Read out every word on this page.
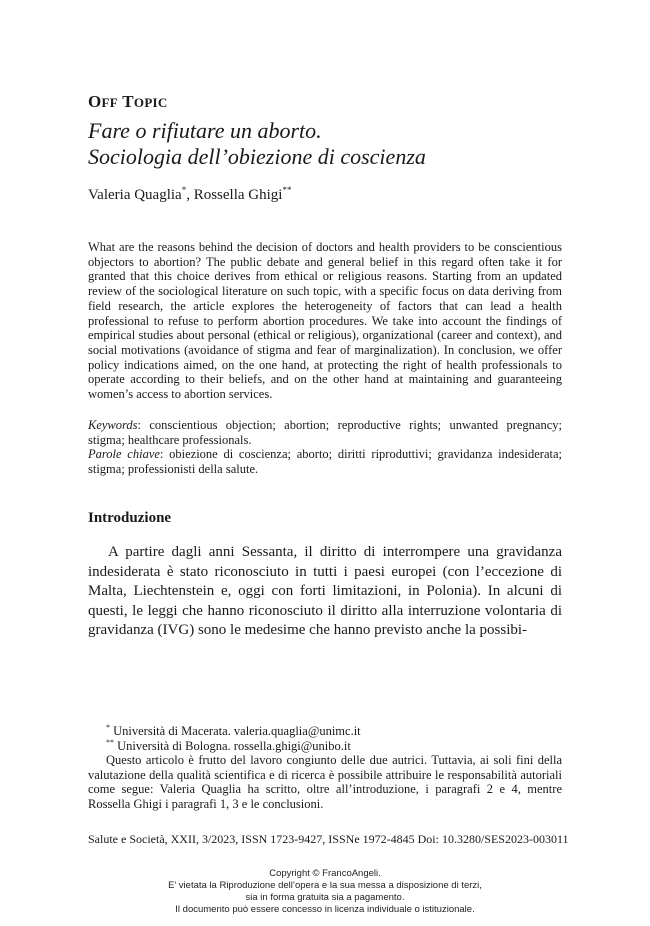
OFF TOPIC
Fare o rifiutare un aborto.
Sociologia dell’obiezione di coscienza
Valeria Quaglia*, Rossella Ghigi**
What are the reasons behind the decision of doctors and health providers to be conscientious objectors to abortion? The public debate and general belief in this regard often take it for granted that this choice derives from ethical or religious reasons. Starting from an updated review of the sociological literature on such topic, with a specific focus on data deriving from field research, the article explores the heterogeneity of factors that can lead a health professional to refuse to perform abortion procedures. We take into account the findings of empirical studies about personal (ethical or religious), organizational (career and context), and social motivations (avoidance of stigma and fear of marginalization). In conclusion, we offer policy indications aimed, on the one hand, at protecting the right of health professionals to operate according to their beliefs, and on the other hand at maintaining and guaranteeing women’s access to abortion services.

Keywords: conscientious objection; abortion; reproductive rights; unwanted pregnancy; stigma; healthcare professionals.

Parole chiave: obiezione di coscienza; aborto; diritti riproduttivi; gravidanza indesiderata; stigma; professionisti della salute.

Introduzione

A partire dagli anni Sessanta, il diritto di interrompere una gravidanza indesiderata è stato riconosciuto in tutti i paesi europei (con l’eccezione di Malta, Liechtenstein e, oggi con forti limitazioni, in Polonia). In alcuni di questi, le leggi che hanno riconosciuto il diritto alla interruzione volontaria di gravidanza (IVG) sono le medesime che hanno previsto anche la possibi-

* Università di Macerata. valeria.quaglia@unimc.it

** Università di Bologna. rossella.ghigi@unibo.it

Questo articolo è frutto del lavoro congiunto delle due autrici. Tuttavia, ai soli fini della valutazione della qualità scientifica e di ricerca è possibile attribuire le responsabilità autoriali come segue: Valeria Quaglia ha scritto, oltre all’introduzione, i paragrafi 2 e 4, mentre Rossella Ghigi i paragrafi 1, 3 e le conclusioni.

Salute e Società, XXII, 3/2023, ISSN 1723-9427, ISSNe 1972-4845 Doi: 10.3280/SES2023-003011
Copyright © FrancoAngeli.
E’ vietata la Riproduzione dell’opera e la sua messa a disposizione di terzi,
sia in forma gratuita sia a pagamento.
Il documento può essere concesso in licenza individuale o istituzionale.
